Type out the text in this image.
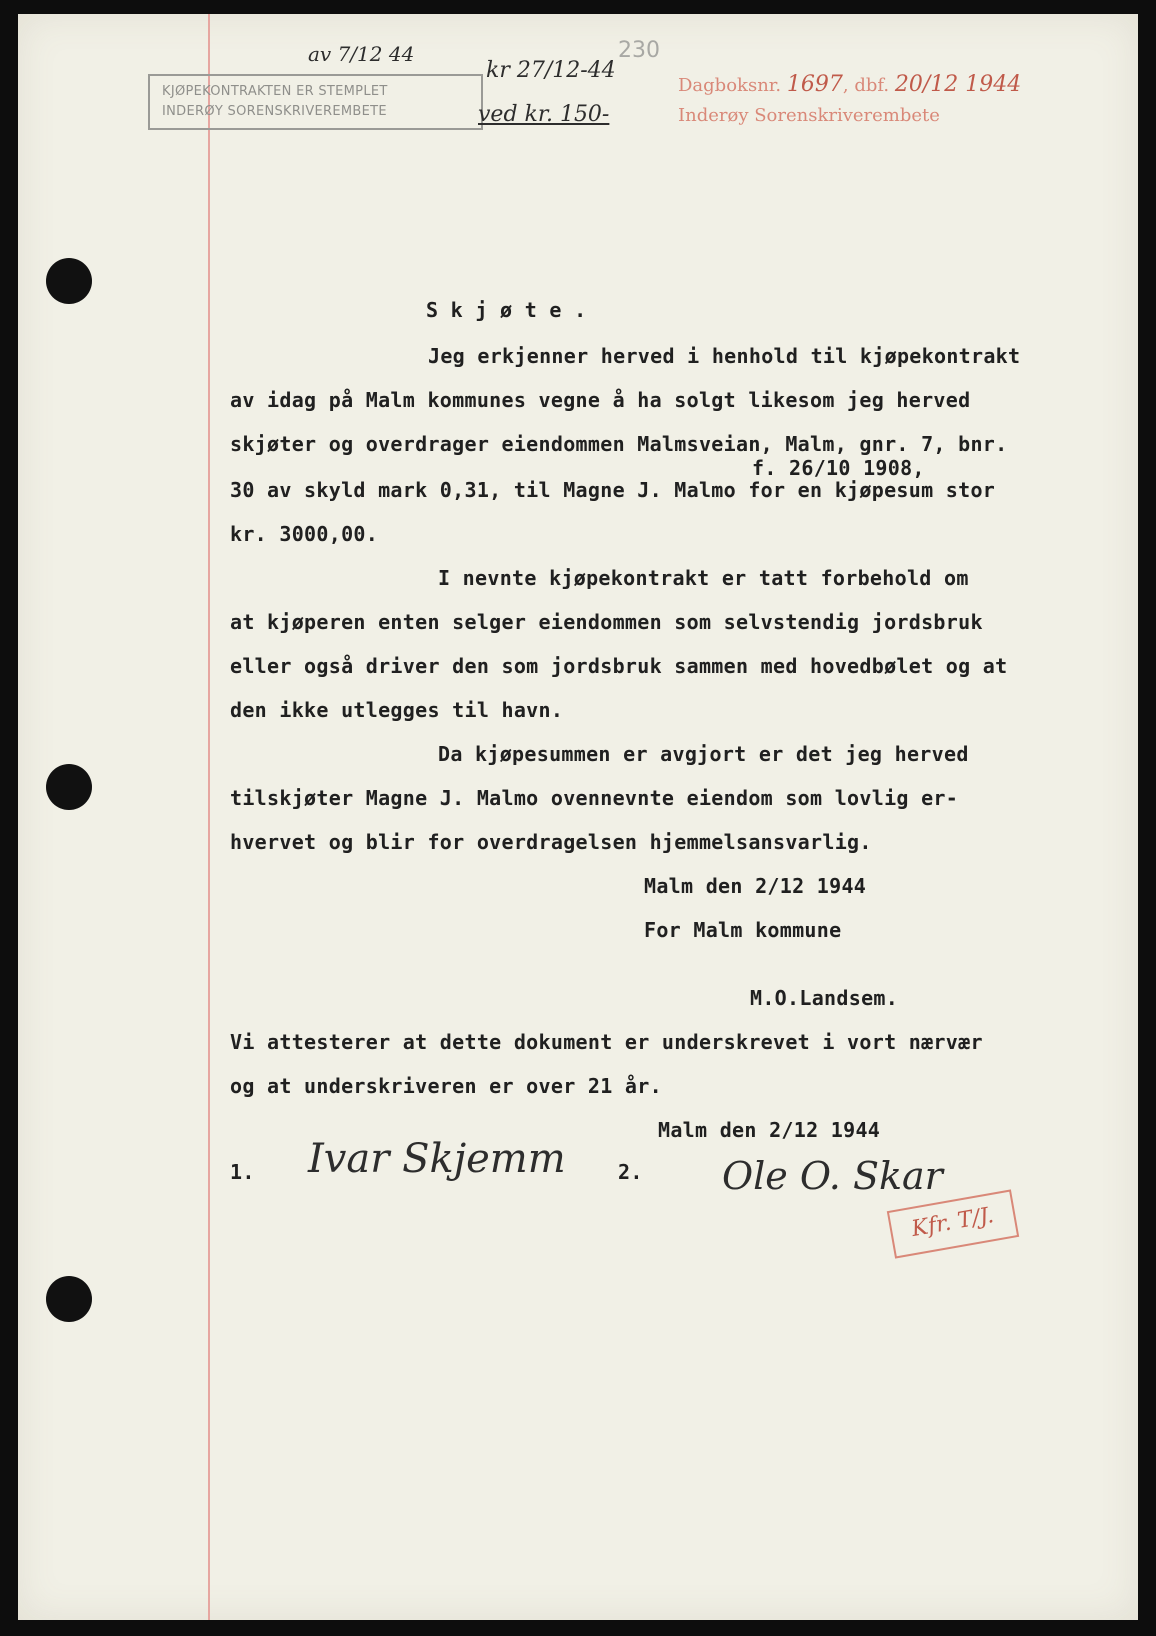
KJØPEKONTRAKTEN ER STEMPLET
INDERØY SORENSKRIVEREMBETE
av 7/12 44
kr 27/12-44
ved kr. 150-
230
Dagboksnr. 1697, dbf. 20/12 1944
Inderøy Sorenskriverembete
S k j ø t e .
Jeg erkjenner herved i henhold til kjøpekontrakt
av idag på Malm kommunes vegne å ha solgt likesom jeg herved
skjøter og overdrager eiendommen Malmsveian, Malm, gnr. 7, bnr.
f. 26/10 1908,
30 av skyld mark 0,31, til Magne J. Malmo for en kjøpesum stor
kr. 3000,00.
I nevnte kjøpekontrakt er tatt forbehold om
at kjøperen enten selger eiendommen som selvstendig jordsbruk
eller også driver den som jordsbruk sammen med hovedbølet og at
den ikke utlegges til havn.
Da kjøpesummen er avgjort er det jeg herved
tilskjøter Magne J. Malmo ovennevnte eiendom som lovlig er-
hvervet og blir for overdragelsen hjemmelsansvarlig.
Malm den 2/12 1944
For Malm kommune
M.O.Landsem.
Vi attesterer at dette dokument er underskrevet i vort nærvær
og at underskriveren er over 21 år.
Malm den 2/12 1944
1. Ivar Skjemm	2. Ole O. Skar
Kfr. T/J.
